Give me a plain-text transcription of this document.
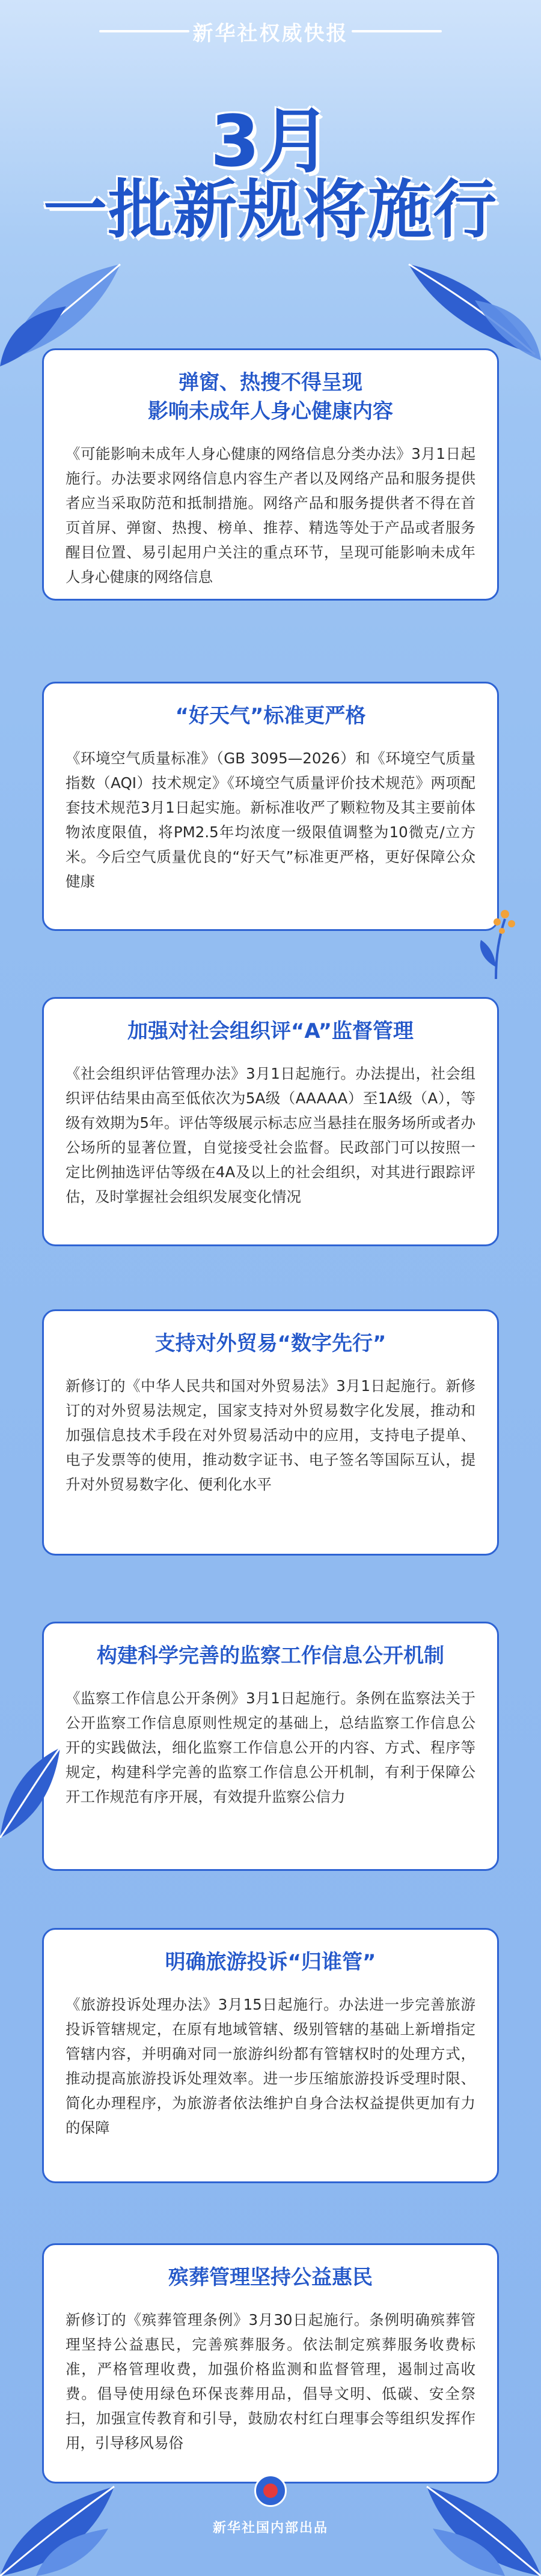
新华社权威快报
3月
一批新规将施行
弹窗、热搜不得呈现
影响未成年人身心健康内容

《可能影响未成年人身心健康的网络信息分类办法》3月1日起施行。办法要求网络信息内容生产者以及网络产品和服务提供者应当采取防范和抵制措施。网络产品和服务提供者不得在首页首屏、弹窗、热搜、榜单、推荐、精选等处于产品或者服务醒目位置、易引起用户关注的重点环节，呈现可能影响未成年人身心健康的网络信息

“好天气”标准更严格

《环境空气质量标准》（GB 3095—2026）和《环境空气质量指数（AQI）技术规定》《环境空气质量评价技术规范》两项配套技术规范3月1日起实施。新标准收严了颗粒物及其主要前体物浓度限值，将PM2.5年均浓度一级限值调整为10微克/立方米。今后空气质量优良的“好天气”标准更严格，更好保障公众健康

加强对社会组织评“A”监督管理

《社会组织评估管理办法》3月1日起施行。办法提出，社会组织评估结果由高至低依次为5A级（AAAAA）至1A级（A），等级有效期为5年。评估等级展示标志应当悬挂在服务场所或者办公场所的显著位置，自觉接受社会监督。民政部门可以按照一定比例抽选评估等级在4A及以上的社会组织，对其进行跟踪评估，及时掌握社会组织发展变化情况

支持对外贸易“数字先行”

新修订的《中华人民共和国对外贸易法》3月1日起施行。新修订的对外贸易法规定，国家支持对外贸易数字化发展，推动和加强信息技术手段在对外贸易活动中的应用，支持电子提单、电子发票等的使用，推动数字证书、电子签名等国际互认，提升对外贸易数字化、便利化水平

构建科学完善的监察工作信息公开机制

《监察工作信息公开条例》3月1日起施行。条例在监察法关于公开监察工作信息原则性规定的基础上，总结监察工作信息公开的实践做法，细化监察工作信息公开的内容、方式、程序等规定，构建科学完善的监察工作信息公开机制，有利于保障公开工作规范有序开展，有效提升监察公信力

明确旅游投诉“归谁管”

《旅游投诉处理办法》3月15日起施行。办法进一步完善旅游投诉管辖规定，在原有地域管辖、级别管辖的基础上新增指定管辖内容，并明确对同一旅游纠纷都有管辖权时的处理方式，推动提高旅游投诉处理效率。进一步压缩旅游投诉受理时限、简化办理程序，为旅游者依法维护自身合法权益提供更加有力的保障

殡葬管理坚持公益惠民

新修订的《殡葬管理条例》3月30日起施行。条例明确殡葬管理坚持公益惠民，完善殡葬服务。依法制定殡葬服务收费标准，严格管理收费，加强价格监测和监督管理，遏制过高收费。倡导使用绿色环保丧葬用品，倡导文明、低碳、安全祭扫，加强宣传教育和引导，鼓励农村红白理事会等组织发挥作用，引导移风易俗

新华社国内部出品
